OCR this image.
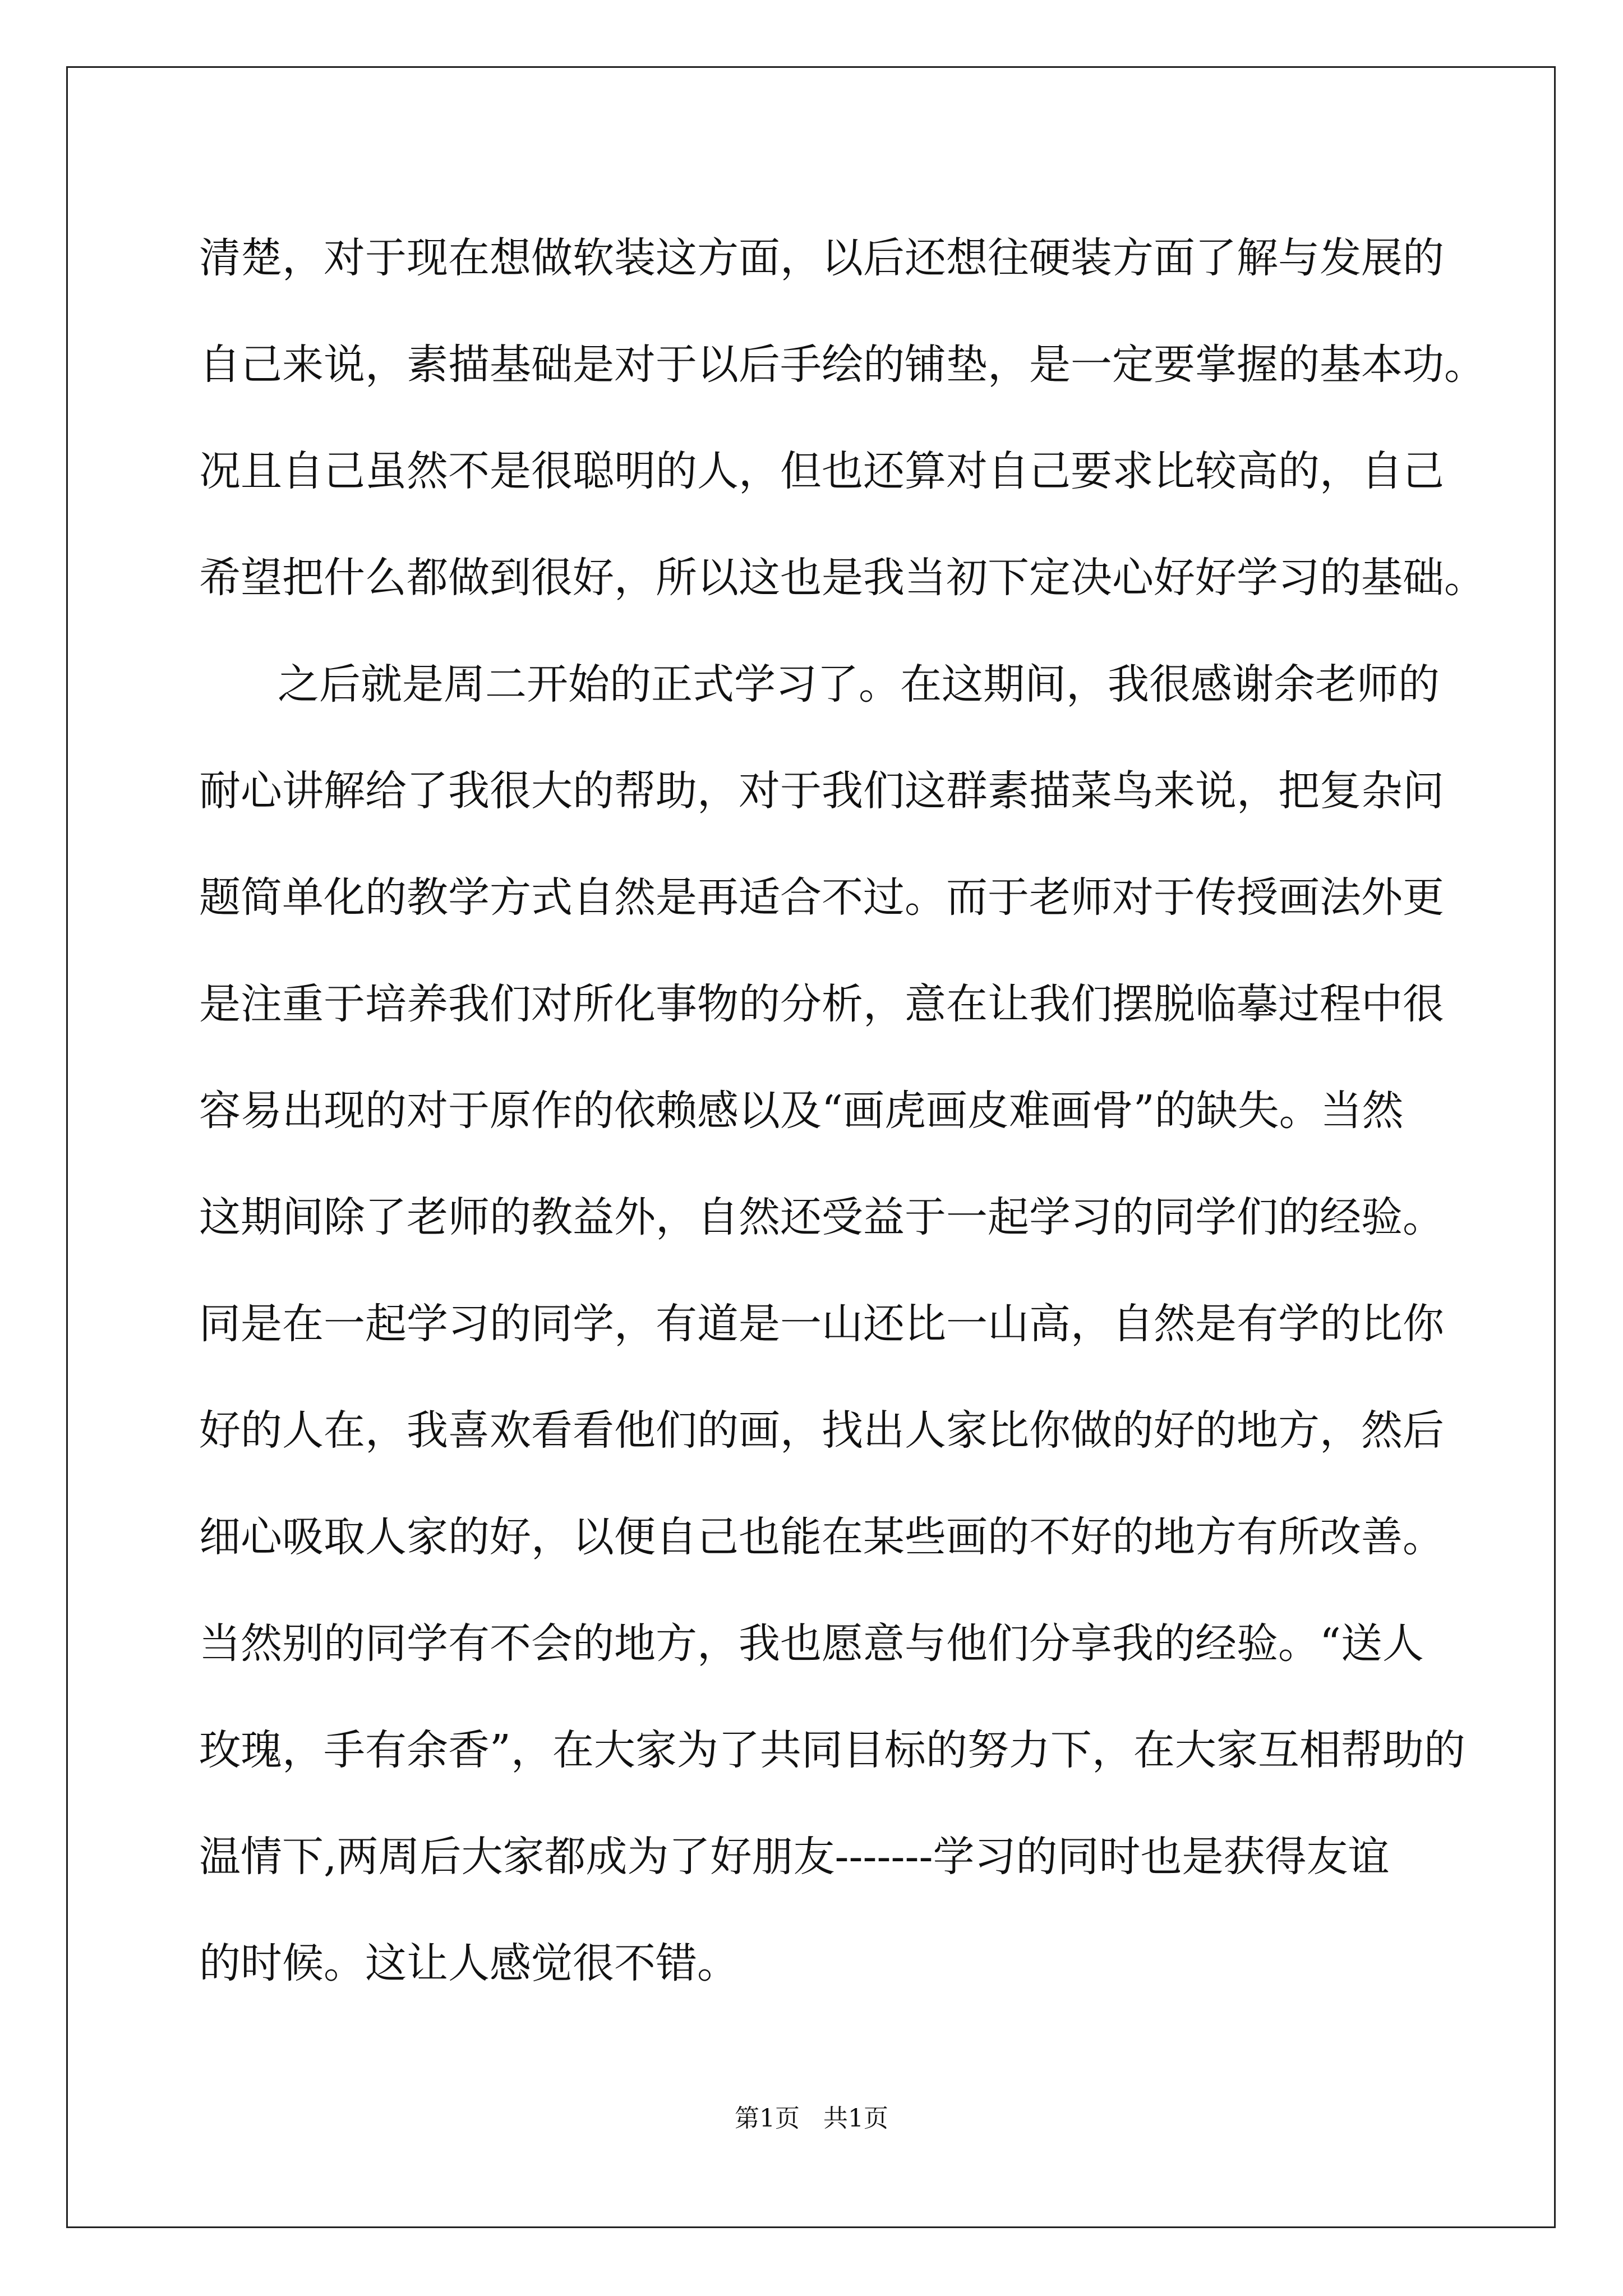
清楚，对于现在想做软装这方面，以后还想往硬装方面了解与发展的
自己来说，素描基础是对于以后手绘的铺垫，是一定要掌握的基本功。
况且自己虽然不是很聪明的人，但也还算对自己要求比较高的，自己
希望把什么都做到很好，所以这也是我当初下定决心好好学习的基础。
之后就是周二开始的正式学习了。在这期间，我很感谢余老师的
耐心讲解给了我很大的帮助，对于我们这群素描菜鸟来说，把复杂问
题简单化的教学方式自然是再适合不过。而于老师对于传授画法外更
是注重于培养我们对所化事物的分析，意在让我们摆脱临摹过程中很
容易出现的对于原作的依赖感以及“画虎画皮难画骨”的缺失。当然
这期间除了老师的教益外，自然还受益于一起学习的同学们的经验。
同是在一起学习的同学，有道是一山还比一山高，自然是有学的比你
好的人在，我喜欢看看他们的画，找出人家比你做的好的地方，然后
细心吸取人家的好，以便自己也能在某些画的不好的地方有所改善。
当然别的同学有不会的地方，我也愿意与他们分享我的经验。“送人
玫瑰，手有余香”，在大家为了共同目标的努力下，在大家互相帮助的
温情下,两周后大家都成为了好朋友-------学习的同时也是获得友谊
的时候。这让人感觉很不错。
第1页   共1页
